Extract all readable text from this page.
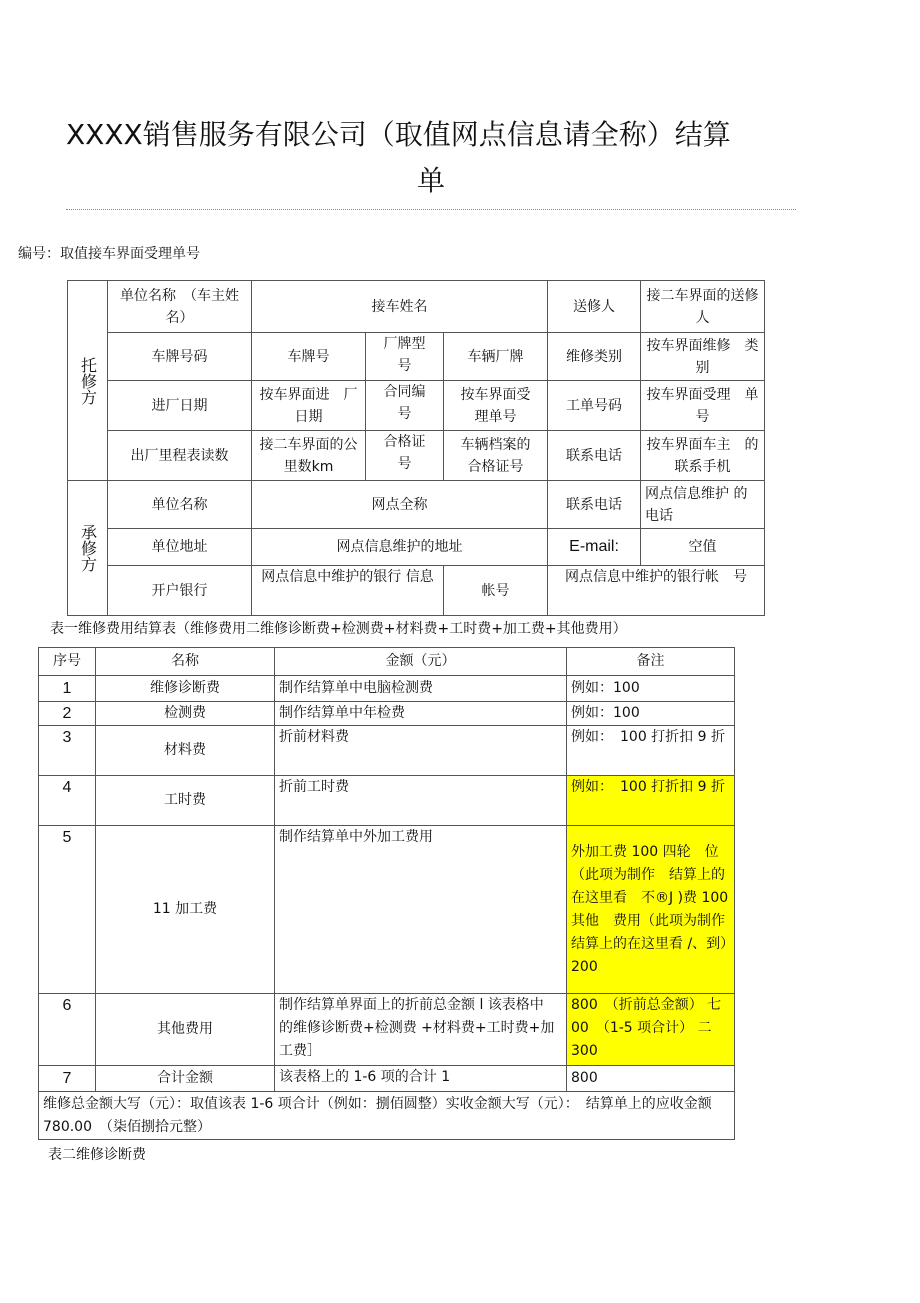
XXXX销售服务有限公司（取值网点信息请全称）结算
单
编号：取值接车界面受理单号
托修方	单位名称　（车主姓名）	接车姓名			送修人	接二车界面的送修人
	车牌号码	车牌号	厂牌型　号	车辆厂牌	维修类别	按车界面维修　类别
	进厂日期	按车界面进　厂日期	合同编　号	按车界面受　理单号	工单号码	按车界面受理　单号
	出厂里程表读数	接二车界面的公里数km	合格证　号	车辆档案的　合格证号	联系电话	按车界面车主　的联系手机
承修方	单位名称	网点全称			联系电话	网点信息维护 的电话
	单位地址	网点信息维护的地址			E-mail:	空值
	开户银行	网点信息中维护的银行 信息		帐号	网点信息中维护的银行帐　号	
表一维修费用结算表（维修费用二维修诊断费+检测费+材料费+工时费+加工费+其他费用）
序号	名称	金额（元）	备注
1	维修诊断费	制作结算单中电脑检测费	例如：100
2	检测费	制作结算单中年检费	例如：100
3	材料费	折前材料费	例如：　100 打折扣 9 折
4	工时费	折前工时费	例如：　100 打折扣 9 折
5	11 加工费	制作结算单中外加工费用	外加工费 100 四轮　位（此项为制作　结算上的在这里看　不®J )费 100 其他　费用（此项为制作结算上的在这里看 /、到）200
6	其他费用	制作结算单界面上的折前总金额 l 该表格中　的维修诊断费+检测费 +材料费+工时费+加工费］	800　（折前总金额） 七 00　（1-5 项合计） 二 300
7	合计金额	该表格上的 1-6 项的合计 1	800
维修总金额大写（元）：取值该表 1-6 项合计（例如：捌佰圆整）实收金额大写（元）：　结算单上的应收金额 780.00　（柒佰捌拾元整）			
表二维修诊断费
